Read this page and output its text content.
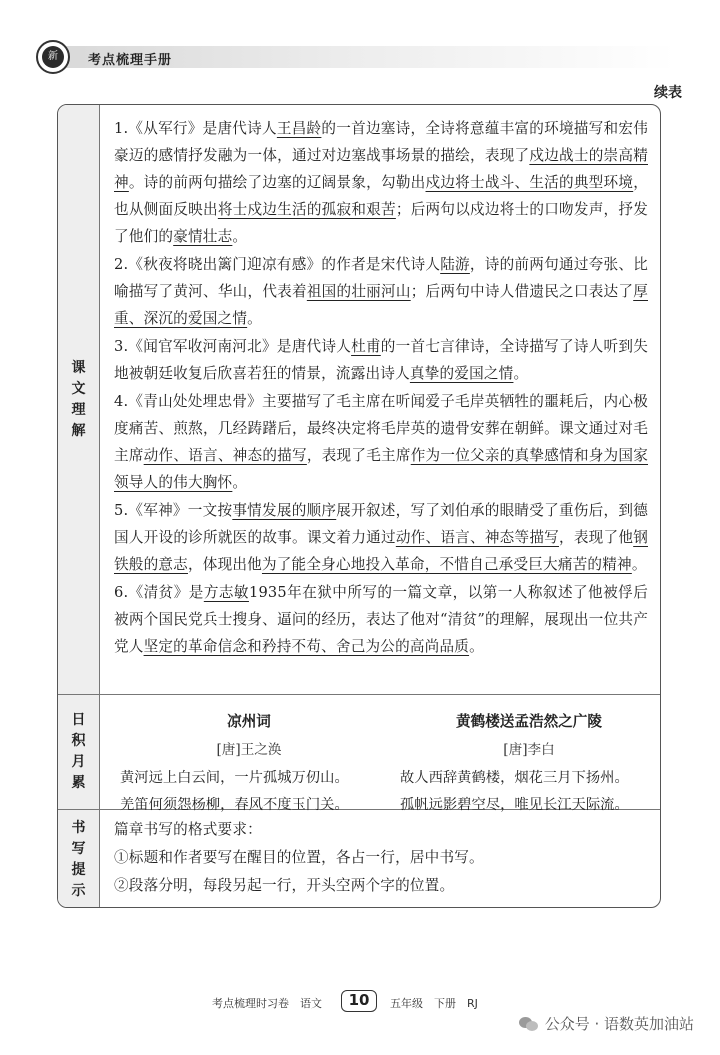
新	考点梳理手册
续表
课
文
理
解

1.《从军行》是唐代诗人王昌龄的一首边塞诗，全诗将意蕴丰富的环境描写和宏伟豪迈的感情抒发融为一体，通过对边塞战事场景的描绘，表现了戍边战士的崇高精神。诗的前两句描绘了边塞的辽阔景象，勾勒出戍边将士战斗、生活的典型环境，也从侧面反映出将士戍边生活的孤寂和艰苦；后两句以戍边将士的口吻发声，抒发了他们的豪情壮志。

2.《秋夜将晓出篱门迎凉有感》的作者是宋代诗人陆游，诗的前两句通过夸张、比喻描写了黄河、华山，代表着祖国的壮丽河山；后两句中诗人借遗民之口表达了厚重、深沉的爱国之情。

3.《闻官军收河南河北》是唐代诗人杜甫的一首七言律诗，全诗描写了诗人听到失地被朝廷收复后欣喜若狂的情景，流露出诗人真挚的爱国之情。

4.《青山处处埋忠骨》主要描写了毛主席在听闻爱子毛岸英牺牲的噩耗后，内心极度痛苦、煎熬，几经踌躇后，最终决定将毛岸英的遗骨安葬在朝鲜。课文通过对毛主席动作、语言、神态的描写，表现了毛主席作为一位父亲的真挚感情和身为国家领导人的伟大胸怀。

5.《军神》一文按事情发展的顺序展开叙述，写了刘伯承的眼睛受了重伤后，到德国人开设的诊所就医的故事。课文着力通过动作、语言、神态等描写，表现了他钢铁般的意志，体现出他为了能全身心地投入革命，不惜自己承受巨大痛苦的精神。

6.《清贫》是方志敏1935年在狱中所写的一篇文章，以第一人称叙述了他被俘后被两个国民党兵士搜身、逼问的经历，表达了他对“清贫”的理解，展现出一位共产党人坚定的革命信念和矜持不苟、舍己为公的高尚品质。

日
积
月
累
凉州词
[唐]王之涣
黄河远上白云间，一片孤城万仞山。
羌笛何须怨杨柳，春风不度玉门关。
黄鹤楼送孟浩然之广陵
[唐]李白
故人西辞黄鹤楼，烟花三月下扬州。
孤帆远影碧空尽，唯见长江天际流。
书
写
提
示

篇章书写的格式要求：

①标题和作者要写在醒目的位置，各占一行，居中书写。

②段落分明，每段另起一行，开头空两个字的位置。

考点梳理时习卷　语文	10	五年级　下册　RJ
公众号 · 语数英加油站
